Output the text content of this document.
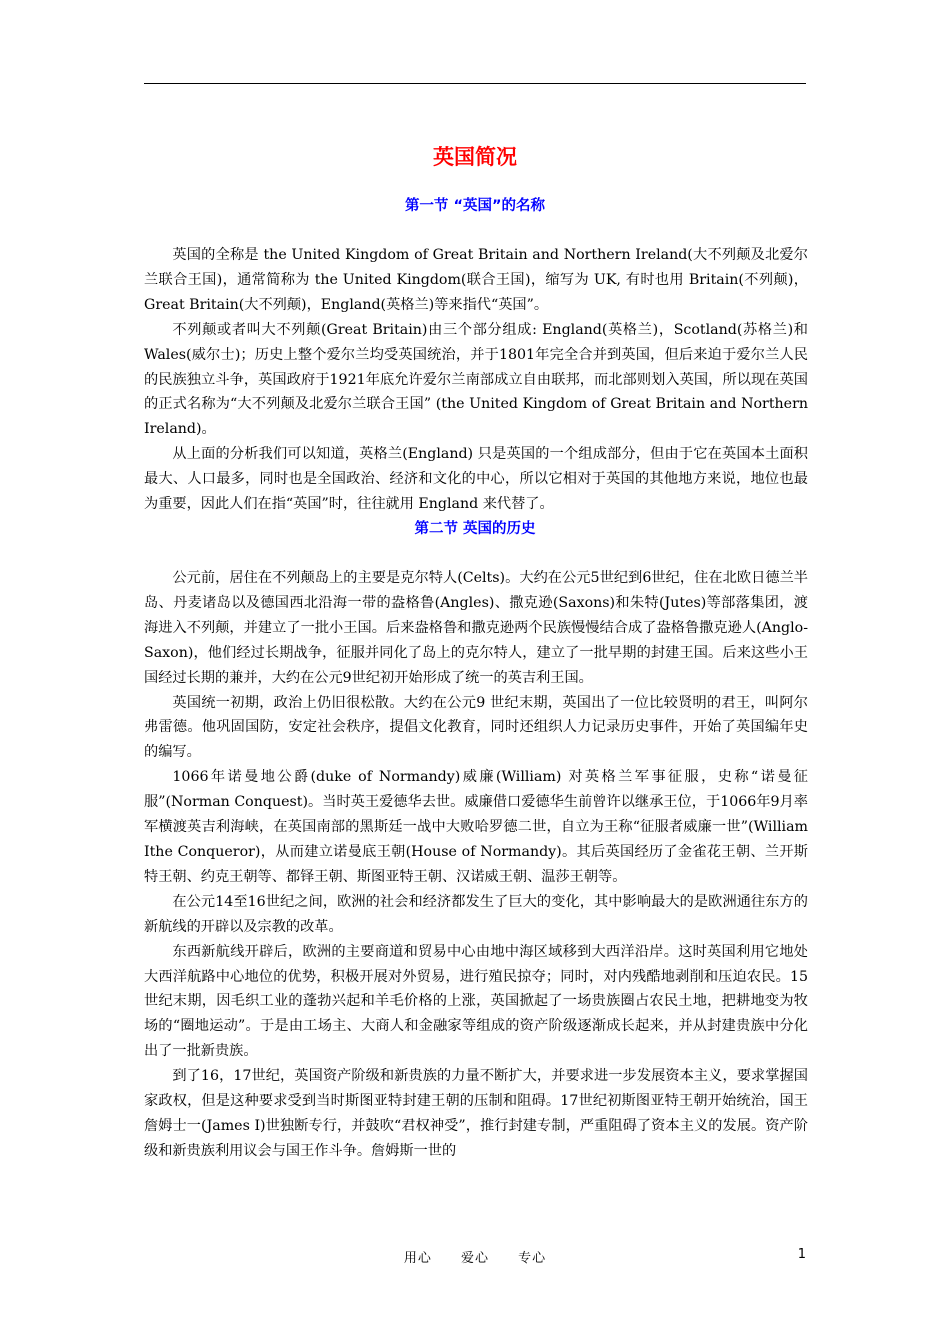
英国简况
第一节 “英国”的名称

英国的全称是 the United Kingdom of Great Britain and Northern Ireland(大不列颠及北爱尔兰联合王国)，通常简称为 the United Kingdom(联合王国)，缩写为 UK, 有时也用 Britain(不列颠)，Great Britain(大不列颠)，England(英格兰)等来指代“英国”。

不列颠或者叫大不列颠(Great Britain)由三个部分组成: England(英格兰)，Scotland(苏格兰)和Wales(威尔士)；历史上整个爱尔兰均受英国统治，并于1801年完全合并到英国，但后来迫于爱尔兰人民的民族独立斗争，英国政府于1921年底允许爱尔兰南部成立自由联邦，而北部则划入英国，所以现在英国的正式名称为“大不列颠及北爱尔兰联合王国” (the United Kingdom of Great Britain and Northern Ireland)。

从上面的分析我们可以知道，英格兰(England) 只是英国的一个组成部分，但由于它在英国本土面积最大、人口最多，同时也是全国政治、经济和文化的中心，所以它相对于英国的其他地方来说，地位也最为重要，因此人们在指“英国”时，往往就用 England 来代替了。

第二节 英国的历史

公元前，居住在不列颠岛上的主要是克尔特人(Celts)。大约在公元5世纪到6世纪，住在北欧日德兰半岛、丹麦诸岛以及德国西北沿海一带的盎格鲁(Angles)、撒克逊(Saxons)和朱特(Jutes)等部落集团，渡海进入不列颠，并建立了一批小王国。后来盎格鲁和撒克逊两个民族慢慢结合成了盎格鲁撒克逊人(Anglo-Saxon)，他们经过长期战争，征服并同化了岛上的克尔特人，建立了一批早期的封建王国。后来这些小王国经过长期的兼并，大约在公元9世纪初开始形成了统一的英吉利王国。

英国统一初期，政治上仍旧很松散。大约在公元9 世纪末期，英国出了一位比较贤明的君王，叫阿尔弗雷德。他巩固国防，安定社会秩序，提倡文化教育，同时还组织人力记录历史事件，开始了英国编年史的编写。

1066年诺曼地公爵(duke of Normandy)威廉(William) 对英格兰军事征服，史称“诺曼征服”(Norman Conquest)。当时英王爱德华去世。威廉借口爱德华生前曾许以继承王位，于1066年9月率军横渡英吉利海峡，在英国南部的黑斯廷一战中大败哈罗德二世，自立为王称“征服者威廉一世”(William Ithe Conqueror)，从而建立诺曼底王朝(House of Normandy)。其后英国经历了金雀花王朝、兰开斯特王朝、约克王朝等、都铎王朝、斯图亚特王朝、汉诺威王朝、温莎王朝等。

在公元14至16世纪之间，欧洲的社会和经济都发生了巨大的变化，其中影响最大的是欧洲通往东方的新航线的开辟以及宗教的改革。

东西新航线开辟后，欧洲的主要商道和贸易中心由地中海区域移到大西洋沿岸。这时英国利用它地处大西洋航路中心地位的优势，积极开展对外贸易，进行殖民掠夺；同时，对内残酷地剥削和压迫农民。15世纪末期，因毛织工业的蓬勃兴起和羊毛价格的上涨，英国掀起了一场贵族圈占农民土地，把耕地变为牧场的“圈地运动”。于是由工场主、大商人和金融家等组成的资产阶级逐渐成长起来，并从封建贵族中分化出了一批新贵族。

到了16，17世纪，英国资产阶级和新贵族的力量不断扩大，并要求进一步发展资本主义，要求掌握国家政权，但是这种要求受到当时斯图亚特封建王朝的压制和阻碍。17世纪初斯图亚特王朝开始统治，国王詹姆士一(James I)世独断专行，并鼓吹“君权神受”，推行封建专制，严重阻碍了资本主义的发展。资产阶级和新贵族利用议会与国王作斗争。詹姆斯一世的

用心 爱心 专心	1
